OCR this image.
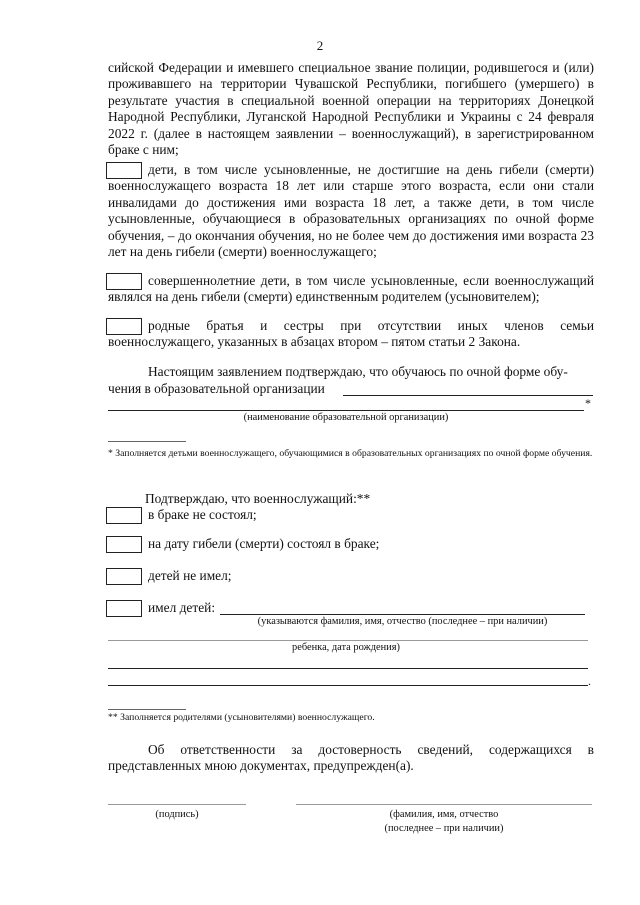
2
сийской Федерации и имевшего специальное звание полиции, родившегося и (или) проживавшего на территории Чувашской Республики, погибшего (умершего) в результате участия в специальной военной операции на территориях Донецкой Народной Республики, Луганской Народной Республики и Украины с 24 февраля 2022 г. (далее в настоящем заявлении – военнослужащий), в зарегистрированном браке с ним;
дети, в том числе усыновленные, не достигшие на день гибели (смерти) военнослужащего возраста 18 лет или старше этого возраста, если они стали инвалидами до достижения ими возраста 18 лет, а также дети, в том числе усыновленные, обучающиеся в образовательных организациях по очной форме обучения, – до окончания обучения, но не более чем до достижения ими возраста 23 лет на день гибели (смерти) военнослужащего;
совершеннолетние дети, в том числе усыновленные, если военнослужащий являлся на день гибели (смерти) единственным родителем (усыновителем);
родные братья и сестры при отсутствии иных членов семьи военнослужащего, указанных в абзацах втором – пятом статьи 2 Закона.
Настоящим заявлением подтверждаю, что обучаюсь по очной форме обу-
чения в образовательной организации
*
(наименование образовательной организации)
* Заполняется детьми военнослужащего, обучающимися в образовательных организациях по очной форме обучения.
Подтверждаю, что военнослужащий:**
в браке не состоял;
на дату гибели (смерти) состоял в браке;
детей не имел;
имел детей:
(указываются фамилия, имя, отчество (последнее – при наличии)
ребенка, дата рождения)
.
** Заполняется родителями (усыновителями) военнослужащего.
Об ответственности за достоверность сведений, содержащихся в представленных мною документах, предупрежден(а).
(подпись)	(фамилия, имя, отчество
(последнее – при наличии)
